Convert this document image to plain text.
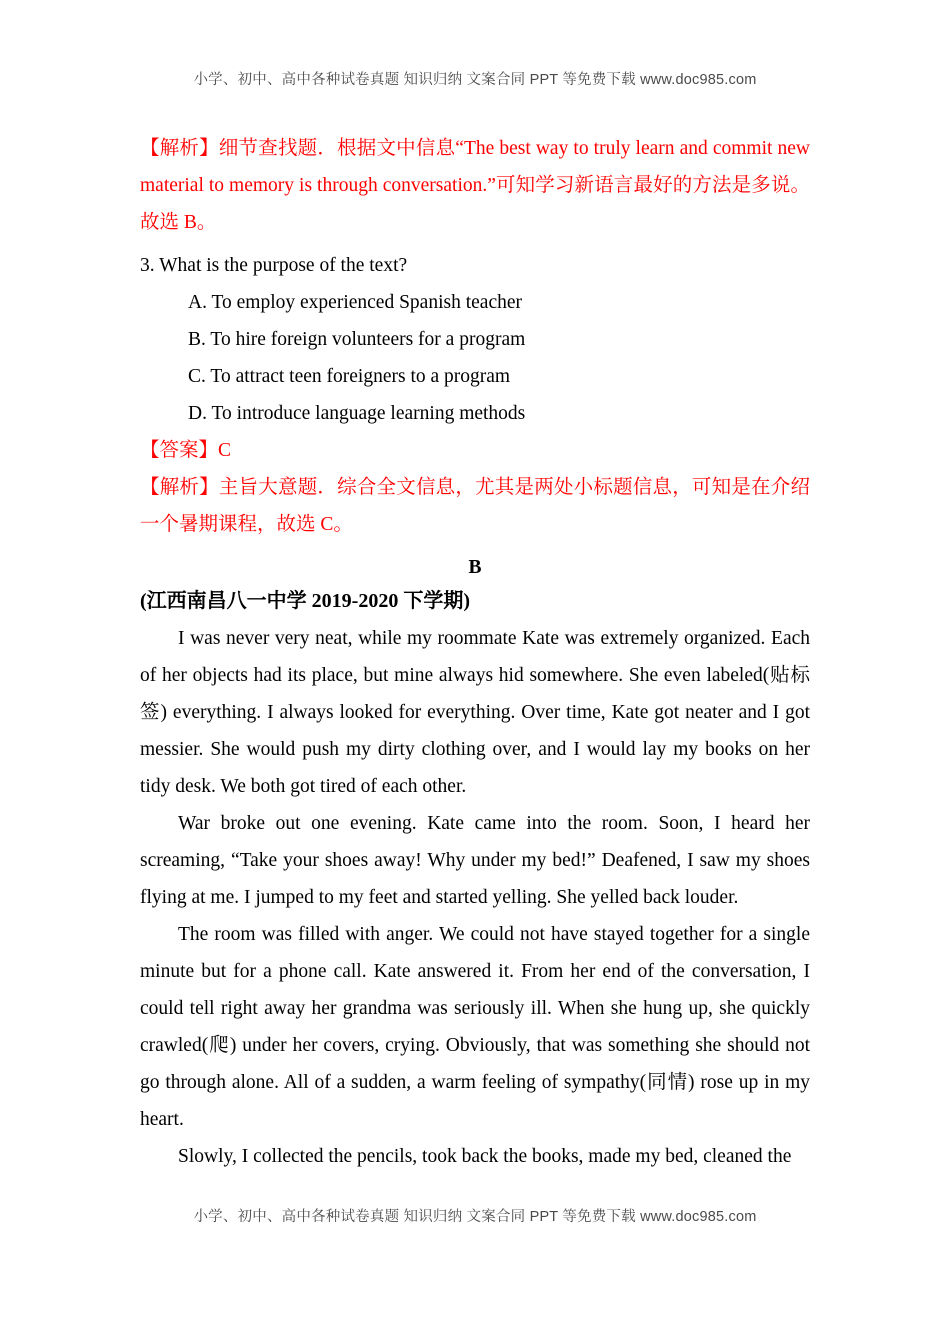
小学、初中、高中各种试卷真题 知识归纳 文案合同 PPT 等免费下载 www.doc985.com

【解析】细节查找题．根据文中信息“The best way to truly learn and commit new material to memory is through conversation.”可知学习新语言最好的方法是多说。故选 B。

3. What is the purpose of the text?

A. To employ experienced Spanish teacher

B. To hire foreign volunteers for a program

C. To attract teen foreigners to a program

D. To introduce language learning methods

【答案】C

【解析】主旨大意题．综合全文信息，尤其是两处小标题信息，可知是在介绍一个暑期课程，故选 C。

B

(江西南昌八一中学 2019-2020 下学期)

I was never very neat, while my roommate Kate was extremely organized. Each of her objects had its place, but mine always hid somewhere. She even labeled(贴标签) everything. I always looked for everything. Over time, Kate got neater and I got messier. She would push my dirty clothing over, and I would lay my books on her tidy desk. We both got tired of each other.

War broke out one evening. Kate came into the room. Soon, I heard her screaming, “Take your shoes away! Why under my bed!” Deafened, I saw my shoes flying at me. I jumped to my feet and started yelling. She yelled back louder.

The room was filled with anger. We could not have stayed together for a single minute but for a phone call. Kate answered it. From her end of the conversation, I could tell right away her grandma was seriously ill. When she hung up, she quickly crawled(爬) under her covers, crying. Obviously, that was something she should not go through alone. All of a sudden, a warm feeling of sympathy(同情) rose up in my heart.

Slowly, I collected the pencils, took back the books, made my bed, cleaned the

小学、初中、高中各种试卷真题 知识归纳 文案合同 PPT 等免费下载 www.doc985.com
